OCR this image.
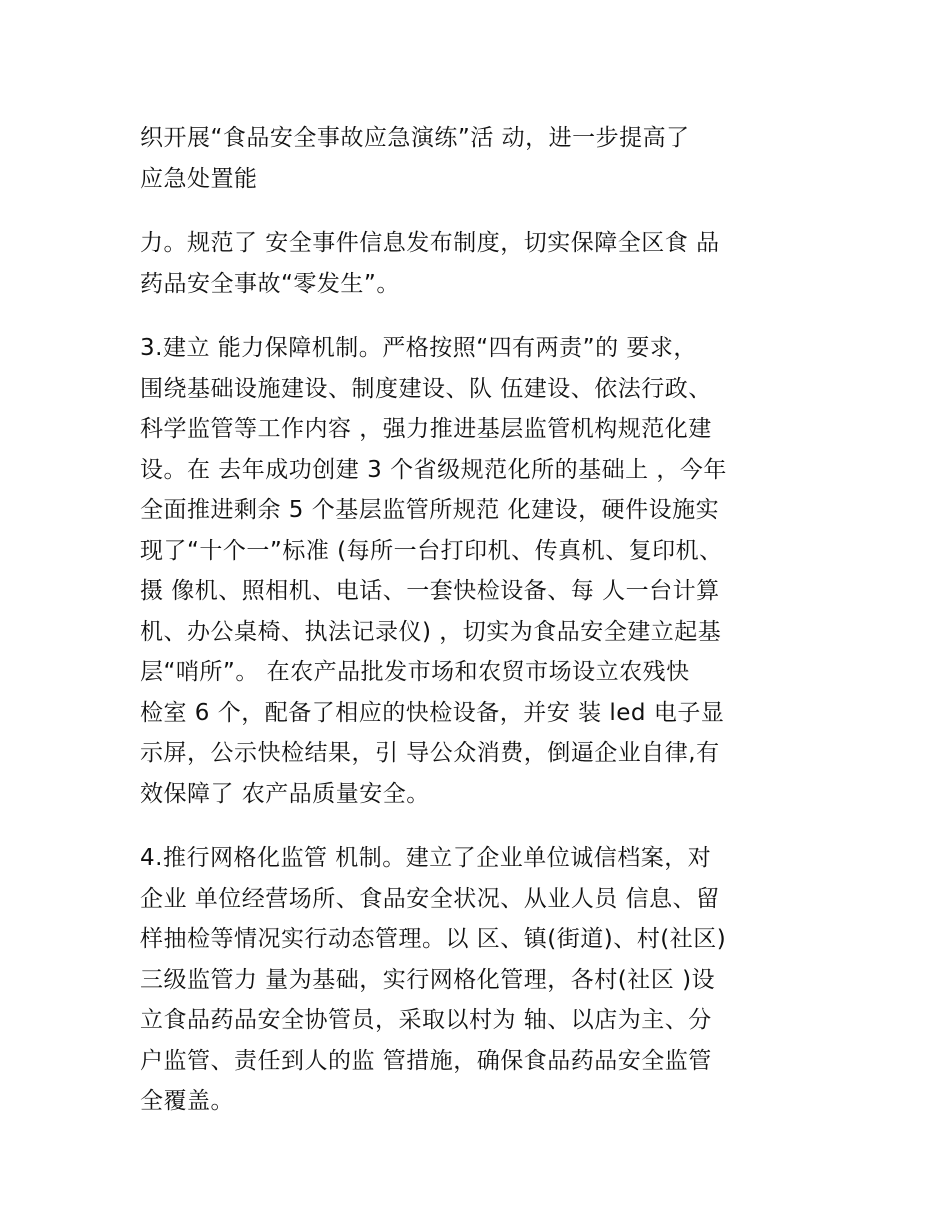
织开展“食品安全事故应急演练”活 动，进一步提高了
应急处置能
力。规范了 安全事件信息发布制度，切实保障全区食 品
药品安全事故“零发生”。
3.建立 能力保障机制。严格按照“四有两责”的 要求，
围绕基础设施建设、制度建设、队 伍建设、依法行政、
科学监管等工作内容 ，强力推进基层监管机构规范化建
设。在 去年成功创建 3 个省级规范化所的基础上 ，今年
全面推进剩余 5 个基层监管所规范 化建设，硬件设施实
现了“十个一”标准 (每所一台打印机、传真机、复印机、
摄 像机、照相机、电话、一套快检设备、每 人一台计算
机、办公桌椅、执法记录仪) ，切实为食品安全建立起基
层“哨所”。 在农产品批发市场和农贸市场设立农残快
检室 6 个，配备了相应的快检设备，并安 装 led 电子显
示屏，公示快检结果，引 导公众消费，倒逼企业自律,有
效保障了 农产品质量安全。
4.推行网格化监管 机制。建立了企业单位诚信档案，对
企业 单位经营场所、食品安全状况、从业人员 信息、留
样抽检等情况实行动态管理。以 区、镇(街道)、村(社区)
三级监管力 量为基础，实行网格化管理，各村(社区 )设
立食品药品安全协管员，采取以村为 轴、以店为主、分
户监管、责任到人的监 管措施，确保食品药品安全监管
全覆盖。
